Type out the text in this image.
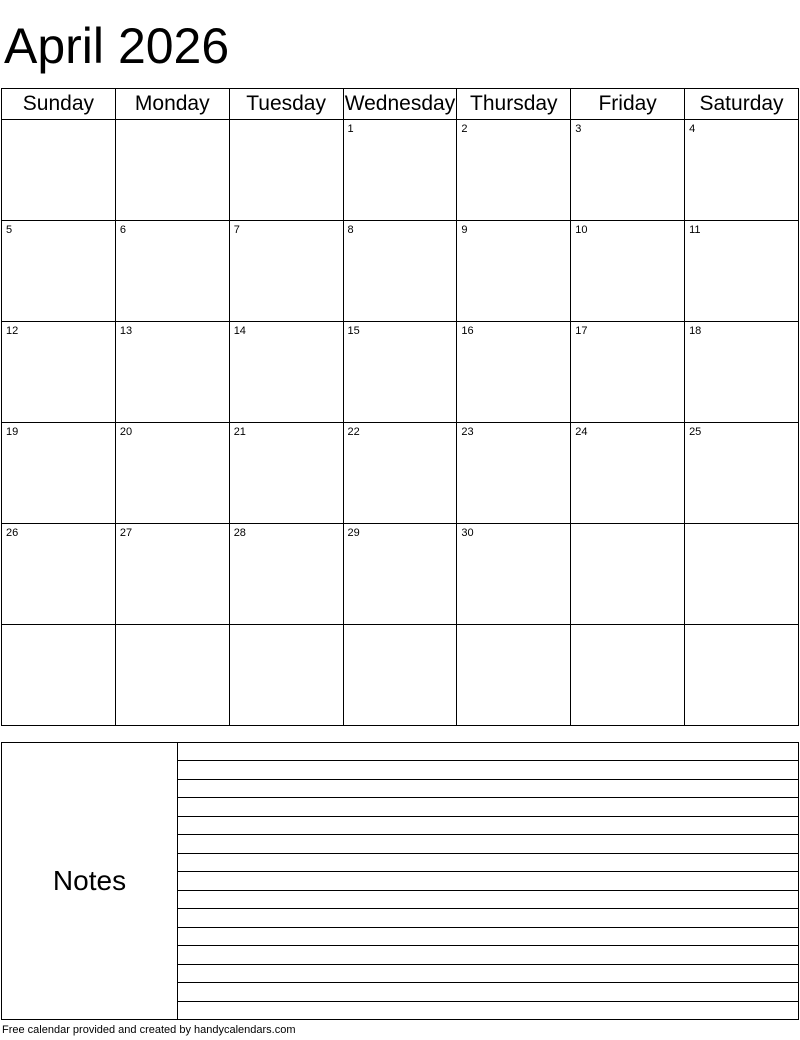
April 2026
Sunday	Monday	Tuesday	Wednesday	Thursday	Friday	Saturday

			1	2	3	4

5	6	7	8	9	10	11

12	13	14	15	16	17	18

19	20	21	22	23	24	25

26	27	28	29	30		

Notes
Free calendar provided and created by handycalendars.com
